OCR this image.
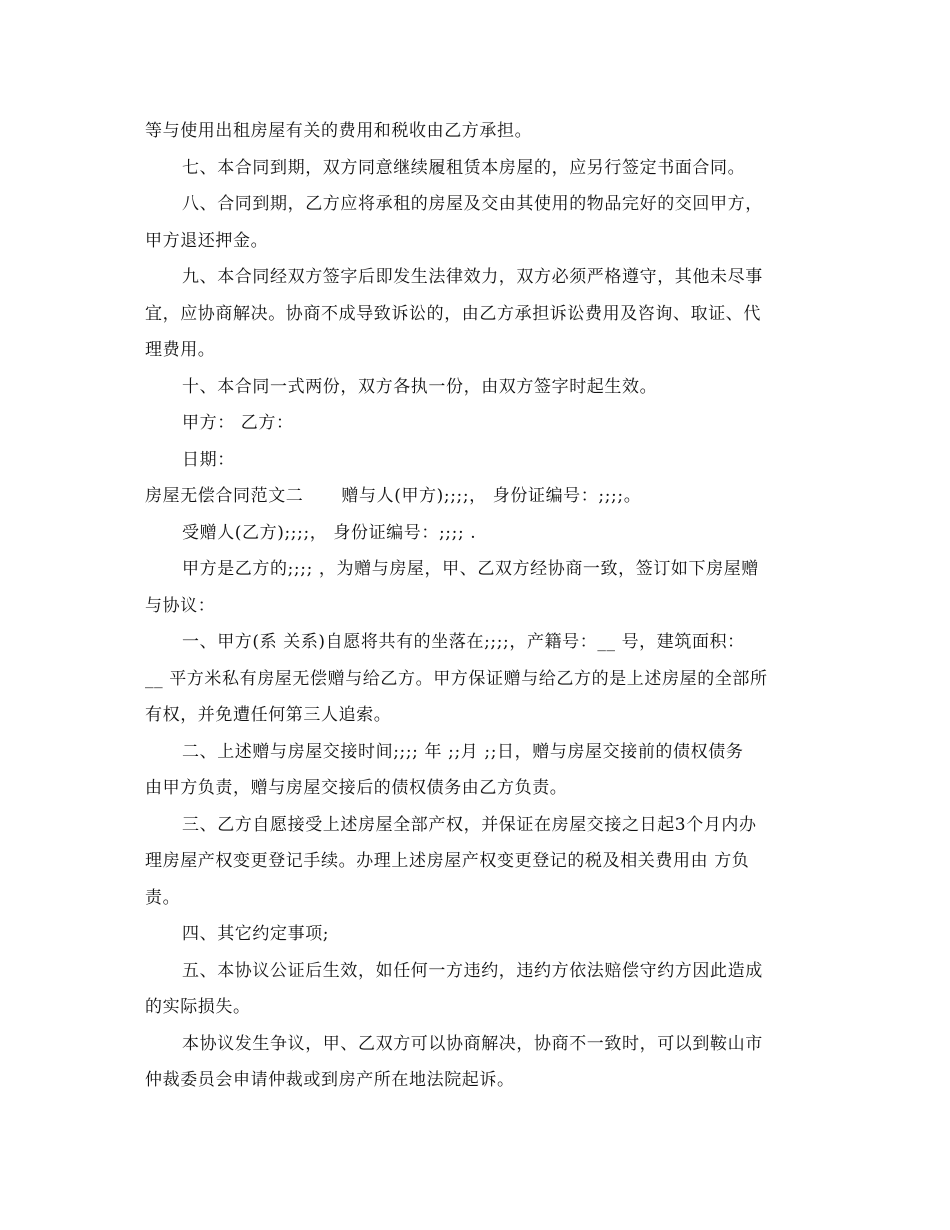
等与使用出租房屋有关的费用和税收由乙方承担。
七、本合同到期，双方同意继续履租赁本房屋的，应另行签定书面合同。
八、合同到期，乙方应将承租的房屋及交由其使用的物品完好的交回甲方，
甲方退还押金。
九、本合同经双方签字后即发生法律效力，双方必须严格遵守，其他未尽事
宜，应协商解决。协商不成导致诉讼的，由乙方承担诉讼费用及咨询、取证、代
理费用。
十、本合同一式两份，双方各执一份，由双方签字时起生效。
甲方： 乙方：
日期：
房屋无偿合同范文二 赠与人(甲方);;;;， 身份证编号：;;;;。
受赠人(乙方);;;;， 身份证编号：;;;; .
甲方是乙方的;;;; ，为赠与房屋，甲、乙双方经协商一致，签订如下房屋赠
与协议：
一、甲方(系 关系)自愿将共有的坐落在;;;;，产籍号：__ 号，建筑面积：
__ 平方米私有房屋无偿赠与给乙方。甲方保证赠与给乙方的是上述房屋的全部所
有权，并免遭任何第三人追索。
二、上述赠与房屋交接时间;;;; 年 ;;月 ;;日，赠与房屋交接前的债权债务
由甲方负责，赠与房屋交接后的债权债务由乙方负责。
三、乙方自愿接受上述房屋全部产权，并保证在房屋交接之日起3个月内办
理房屋产权变更登记手续。办理上述房屋产权变更登记的税及相关费用由 方负
责。
四、其它约定事项;
五、本协议公证后生效，如任何一方违约，违约方依法赔偿守约方因此造成
的实际损失。
本协议发生争议，甲、乙双方可以协商解决，协商不一致时，可以到鞍山市
仲裁委员会申请仲裁或到房产所在地法院起诉。
